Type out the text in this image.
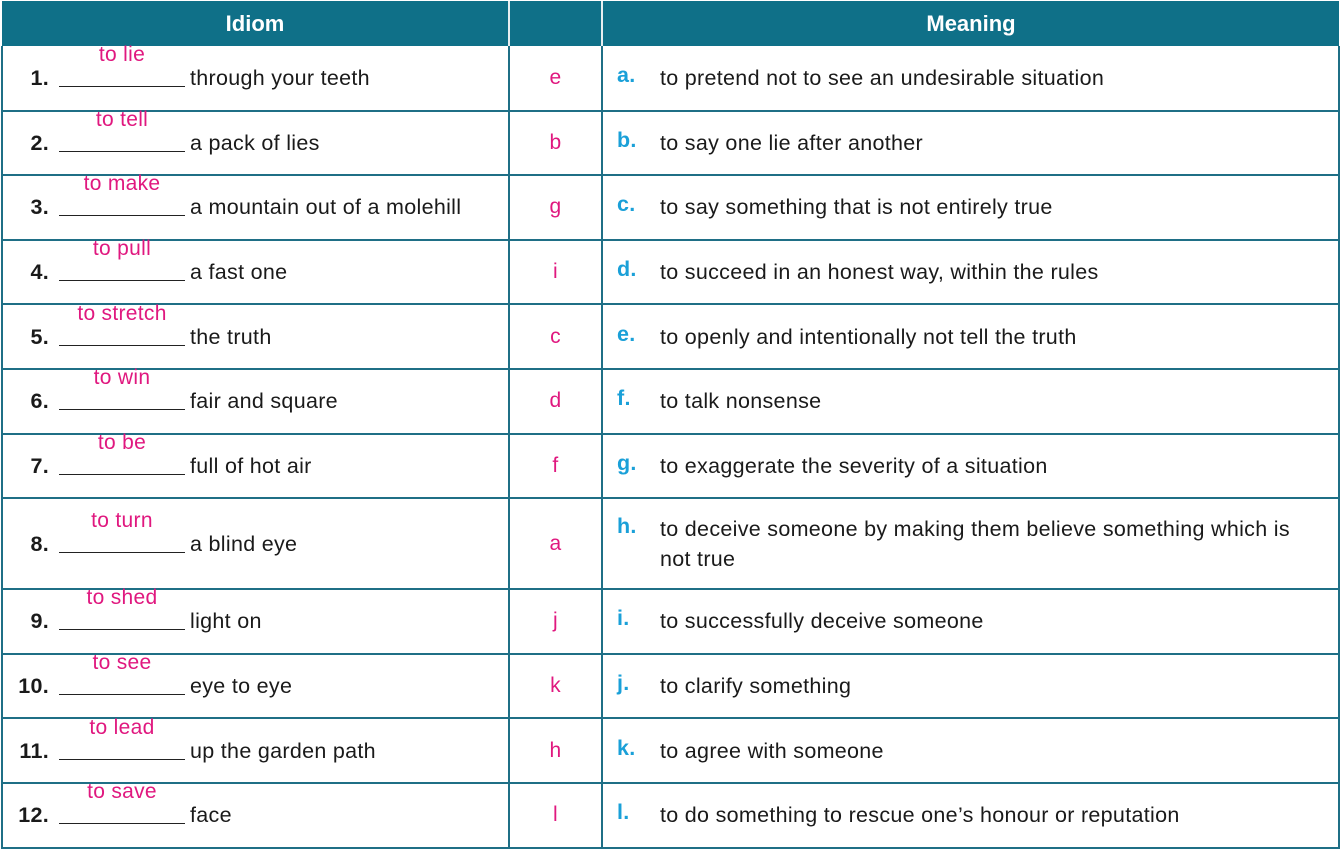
Idiom		Meaning
1.
to lie
through your teeth	e	a. to pretend not to see an undesirable situation

2.
to tell
a pack of lies	b	b. to say one lie after another

3.
to make
a mountain out of a molehill	g	c. to say something that is not entirely true

4.
to pull
a fast one	i	d. to succeed in an honest way, within the rules

5.
to stretch
the truth	c	e. to openly and intentionally not tell the truth

6.
to win
fair and square	d	f. to talk nonsense

7.
to be
full of hot air	f	g. to exaggerate the severity of a situation

8.
to turn
a blind eye	a	h. to deceive someone by making them believe something which is not true

9.
to shed
light on	j	i. to successfully deceive someone

10.
to see
eye to eye	k	j. to clarify something

11.
to lead
up the garden path	h	k. to agree with someone

12.
to save
face	l	l. to do something to rescue one’s honour or reputation
